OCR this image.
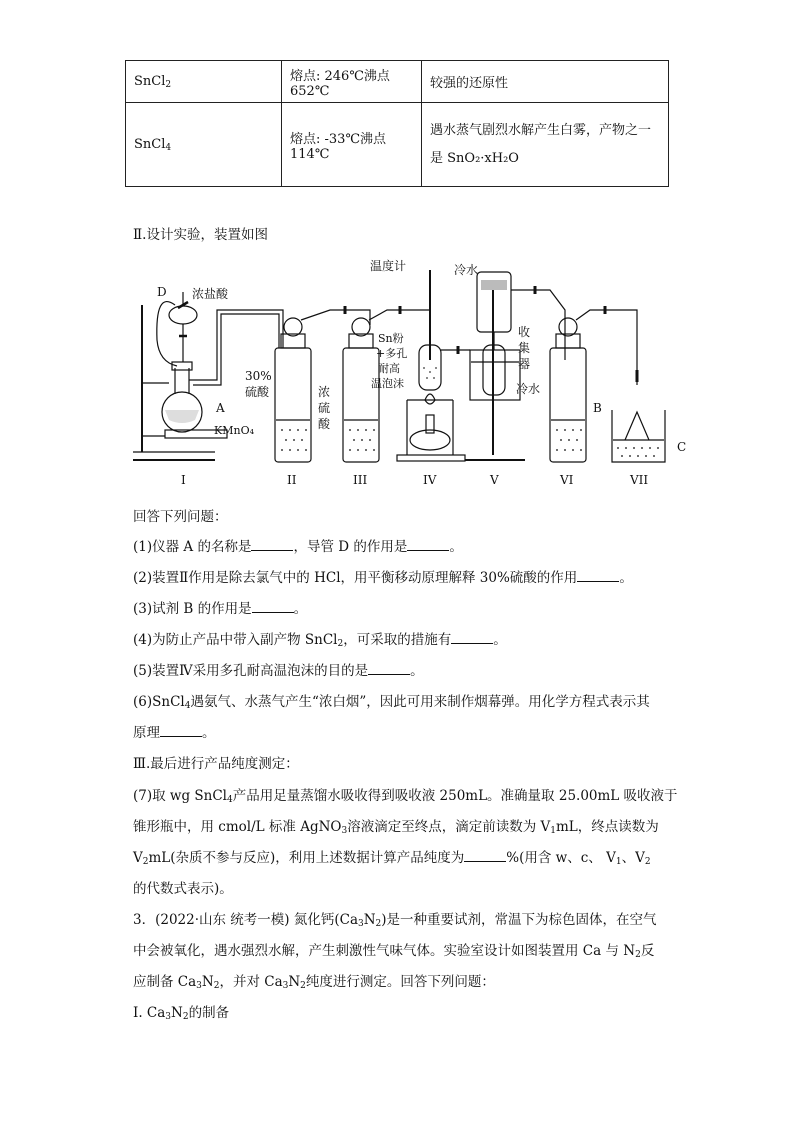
SnCl$_2$	熔点: 246℃沸点 652℃	较强的还原性
SnCl$_4$	熔点: -33℃沸点 114℃	遇水蒸气剧烈水解产生白雾，产物之一
是 SnO₂·xH₂O
Ⅱ.设计实验，装置如图
温度计	冷水
D 浓盐酸
A
KMnO₄
30%
硫酸	浓
硫
酸
Sn粉
+多孔
耐高
温泡沫
收
集
器
冷水
B
C
I	II	III	IV	V	VI	VII
回答下列问题：
(1)仪器 A 的名称是	，导管 D 的作用是	。
(2)装置Ⅱ作用是除去氯气中的 HCl，用平衡移动原理解释 30%硫酸的作用	。
(3)试剂 B 的作用是	。
(4)为防止产品中带入副产物 SnCl$_2$，可采取的措施有	。
(5)装置Ⅳ采用多孔耐高温泡沫的目的是	。
(6)SnCl$_4$遇氨气、水蒸气产生“浓白烟”，因此可用来制作烟幕弹。用化学方程式表示其
原理	。
Ⅲ.最后进行产品纯度测定：
(7)取 wg SnCl$_4$产品用足量蒸馏水吸收得到吸收液 250mL。准确量取 25.00mL 吸收液于
锥形瓶中，用 cmol/L 标准 AgNO$_3$溶液滴定至终点，滴定前读数为 $V_1mL$，终点读数为
$V_2mL$(杂质不参与反应)，利用上述数据计算产品纯度为	%(用含 w、c、 $V_1$、$V_2$
的代数式表示)。
3．(2022·山东 统考一模) 氮化钙$(Ca_3N_2)$是一种重要试剂，常温下为棕色固体，在空气
中会被氧化，遇水强烈水解，产生刺激性气味气体。实验室设计如图装置用 Ca 与 $N_2$反
应制备 $Ca_3N_2$，并对 $Ca_3N_2$纯度进行测定。回答下列问题：
I. $Ca_3N_2$的制备
